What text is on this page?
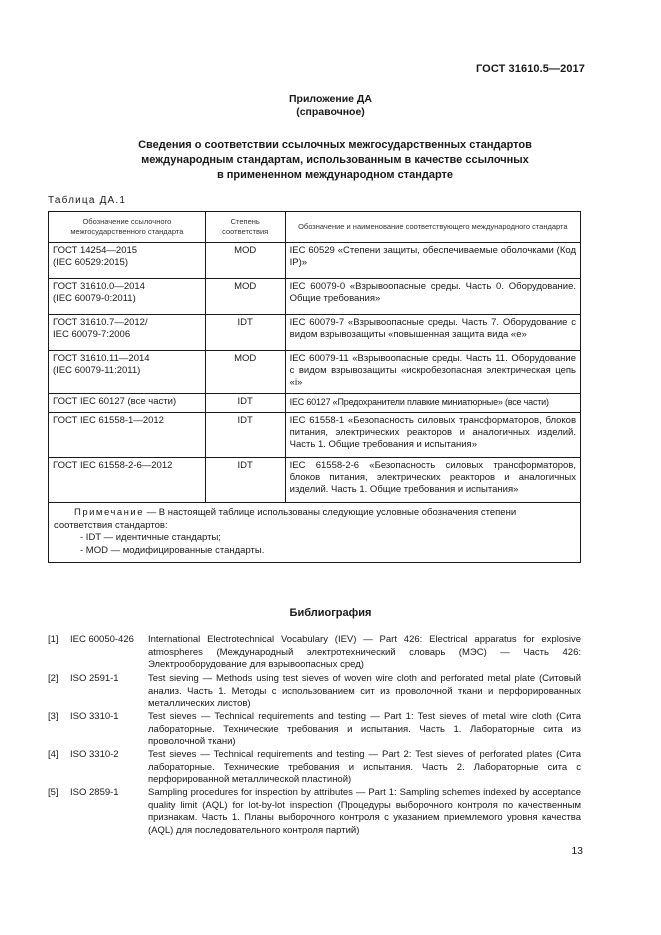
ГОСТ 31610.5—2017
Приложение ДА
(справочное)
Сведения о соответствии ссылочных межгосударственных стандартов
международным стандартам, использованным в качестве ссылочных
в примененном международном стандарте
Таблица ДА.1
Обозначение ссылочного межгосударственного стандарта	Степень соответствия	Обозначение и наименование соответствующего международного стандарта
ГОСТ 14254—2015
(IEC 60529:2015)	MOD	IEC 60529 «Степени защиты, обеспечиваемые оболочками (Код IP)»
ГОСТ 31610.0—2014
(IEC 60079-0:2011)	MOD	IEC 60079-0 «Взрывоопасные среды. Часть 0. Оборудование. Общие требования»
ГОСТ 31610.7—2012/
IEC 60079-7:2006	IDT	IEC 60079-7 «Взрывоопасные среды. Часть 7. Оборудование с видом взрывозащиты «повышенная защита вида «е»
ГОСТ 31610.11—2014
(IEC 60079-11:2011)	MOD	IEC 60079-11 «Взрывоопасные среды. Часть 11. Оборудование с видом взрывозащиты «искробезопасная электрическая цепь «i»
ГОСТ IEC 60127 (все части)	IDT	IEC 60127 «Предохранители плавкие миниатюрные» (все части)
ГОСТ IEC 61558-1—2012	IDT	IEC 61558-1 «Безопасность силовых трансформаторов, блоков питания, электрических реакторов и аналогичных изделий. Часть 1. Общие требования и испытания»
ГОСТ IEC 61558-2-6—2012	IDT	IEC 61558-2-6 «Безопасность силовых трансформаторов, блоков питания, электрических реакторов и аналогичных изделий. Часть 1. Общие требования и испытания»

Примечание — В настоящей таблице использованы следующие условные обозначения степени соответствия стандартов:
- IDT — идентичные стандарты;
- MOD — модифицированные стандарты.		
Библиография
[1] IEC 60050-426 International Electrotechnical Vocabulary (IEV) — Part 426: Electrical apparatus for explosive atmospheres (Международный электротехнический словарь (МЭС) — Часть 426: Электрооборудование для взрывоопасных сред)
[2] ISO 2591-1	Test sieving — Methods using test sieves of woven wire cloth and perforated metal plate (Ситовый анализ. Часть 1. Методы с использованием сит из проволочной ткани и перфорированных металлических листов)
[3] ISO 3310-1	Test sieves — Technical requirements and testing — Part 1: Test sieves of metal wire cloth (Сита лабораторные. Технические требования и испытания. Часть 1. Лабораторные сита из проволочной ткани)
[4] ISO 3310-2	Test sieves — Technical requirements and testing — Part 2: Test sieves of perforated plates (Сита лабораторные. Технические требования и испытания. Часть 2. Лабораторные сита с перфорированной металлической пластиной)
[5] ISO 2859-1	Sampling procedures for inspection by attributes — Part 1: Sampling schemes indexed by acceptance quality limit (AQL) for lot-by-lot inspection (Процедуры выборочного контроля по качественным признакам. Часть 1. Планы выборочного контроля с указанием приемлемого уровня качества (AQL) для последовательного контроля партий)
13
